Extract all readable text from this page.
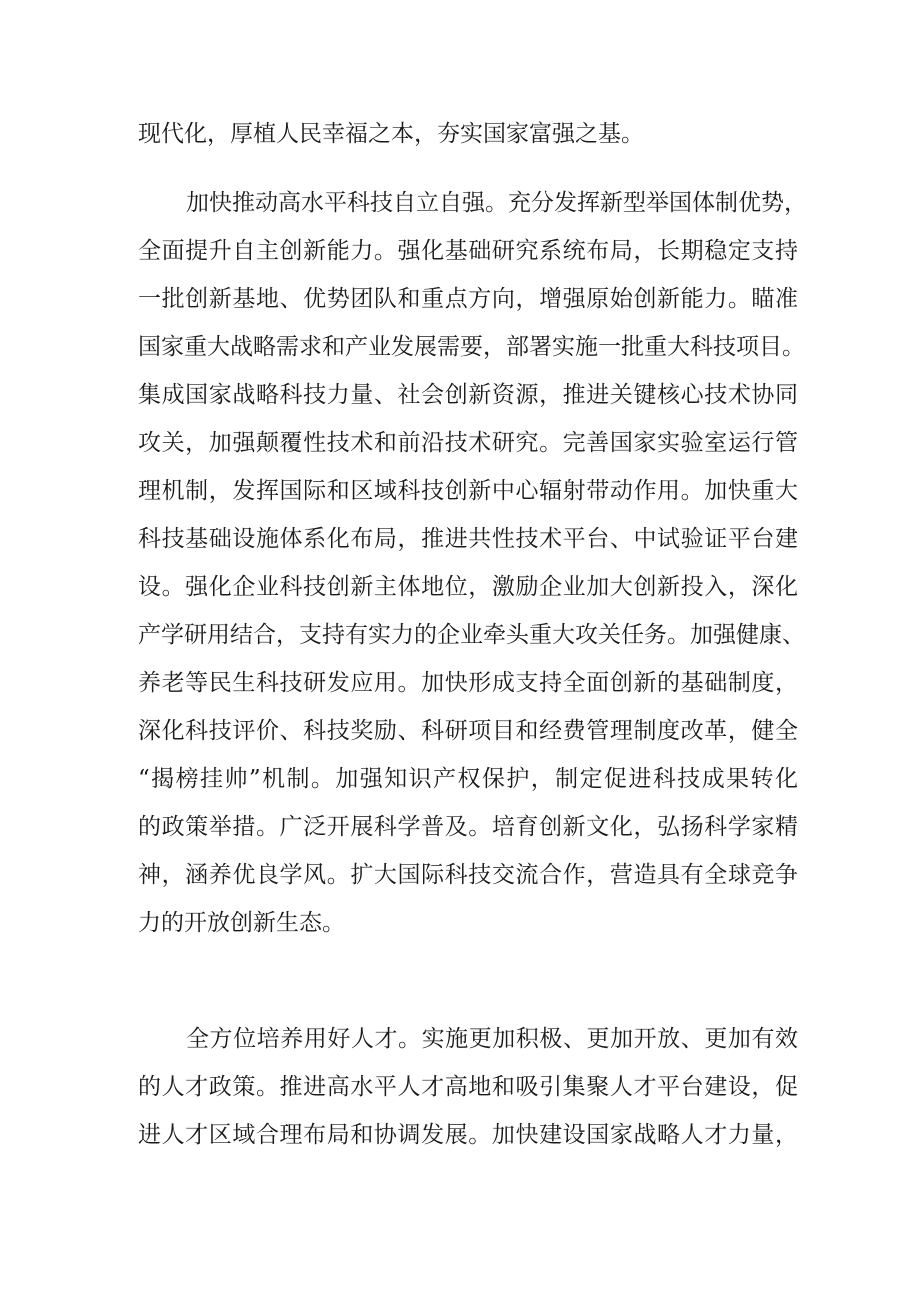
现代化，厚植人民幸福之本，夯实国家富强之基。
加快推动高水平科技自立自强。充分发挥新型举国体制优势，
全面提升自主创新能力。强化基础研究系统布局，长期稳定支持
一批创新基地、优势团队和重点方向，增强原始创新能力。瞄准
国家重大战略需求和产业发展需要，部署实施一批重大科技项目。
集成国家战略科技力量、社会创新资源，推进关键核心技术协同
攻关，加强颠覆性技术和前沿技术研究。完善国家实验室运行管
理机制，发挥国际和区域科技创新中心辐射带动作用。加快重大
科技基础设施体系化布局，推进共性技术平台、中试验证平台建
设。强化企业科技创新主体地位，激励企业加大创新投入，深化
产学研用结合，支持有实力的企业牵头重大攻关任务。加强健康、
养老等民生科技研发应用。加快形成支持全面创新的基础制度，
深化科技评价、科技奖励、科研项目和经费管理制度改革，健全
“揭榜挂帅”机制。加强知识产权保护，制定促进科技成果转化
的政策举措。广泛开展科学普及。培育创新文化，弘扬科学家精
神，涵养优良学风。扩大国际科技交流合作，营造具有全球竞争
力的开放创新生态。
全方位培养用好人才。实施更加积极、更加开放、更加有效
的人才政策。推进高水平人才高地和吸引集聚人才平台建设，促
进人才区域合理布局和协调发展。加快建设国家战略人才力量，
